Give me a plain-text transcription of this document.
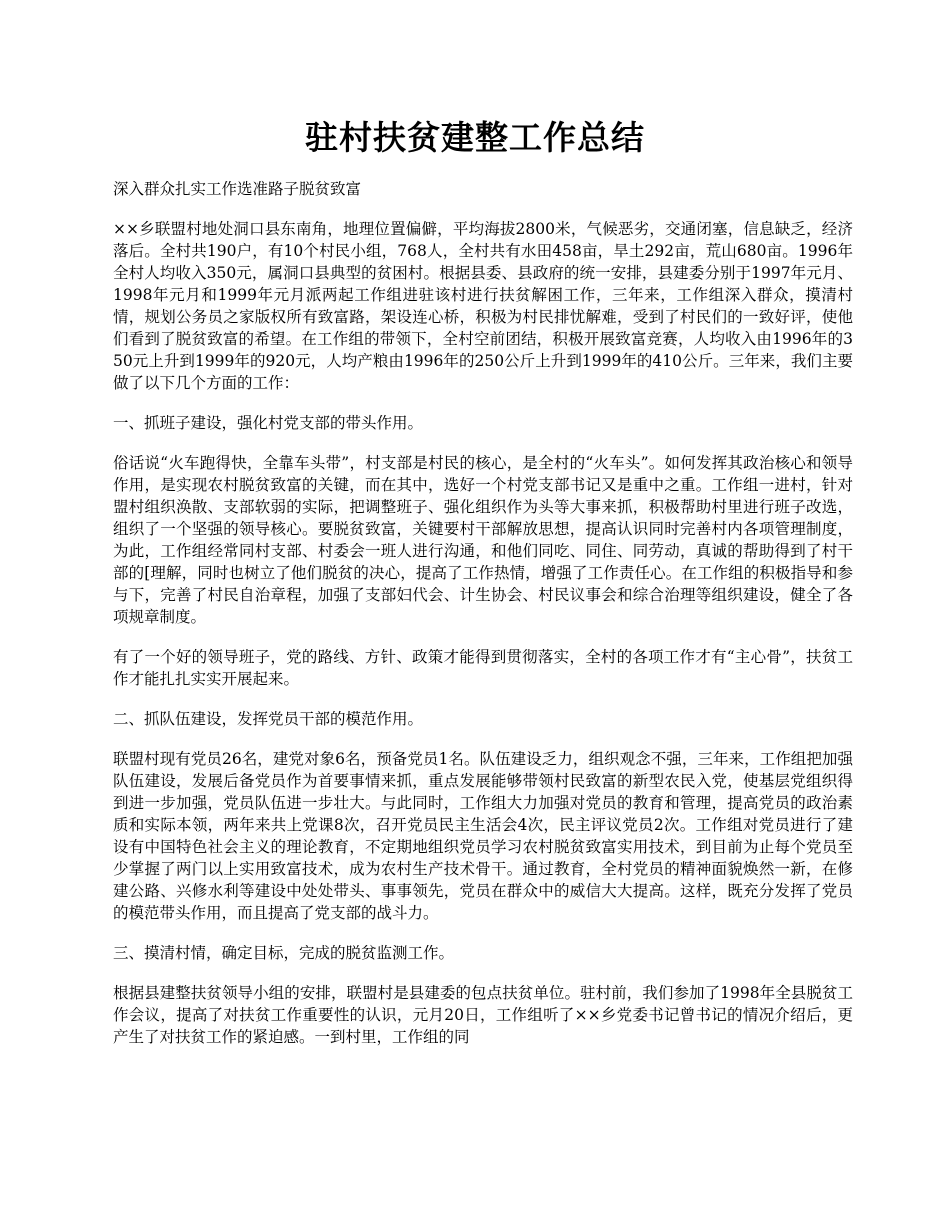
驻村扶贫建整工作总结

深入群众扎实工作选准路子脱贫致富

××乡联盟村地处洞口县东南角，地理位置偏僻，平均海拔2800米，气候恶劣，交通闭塞，信息缺乏，经济落后。全村共190户，有10个村民小组，768人，全村共有水田458亩，旱土292亩，荒山680亩。1996年全村人均收入350元，属洞口县典型的贫困村。根据县委、县政府的统一安排，县建委分别于1997年元月、1998年元月和1999年元月派两起工作组进驻该村进行扶贫解困工作，三年来，工作组深入群众，摸清村情，规划公务员之家版权所有致富路，架设连心桥，积极为村民排忧解难，受到了村民们的一致好评，使他们看到了脱贫致富的希望。在工作组的带领下，全村空前团结，积极开展致富竞赛，人均收入由1996年的350元上升到1999年的920元，人均产粮由1996年的250公斤上升到1999年的410公斤。三年来，我们主要做了以下几个方面的工作：

一、抓班子建设，强化村党支部的带头作用。

俗话说“火车跑得快，全靠车头带”，村支部是村民的核心，是全村的“火车头”。如何发挥其政治核心和领导作用，是实现农村脱贫致富的关键，而在其中，选好一个村党支部书记又是重中之重。工作组一进村，针对盟村组织涣散、支部软弱的实际，把调整班子、强化组织作为头等大事来抓，积极帮助村里进行班子改选，组织了一个坚强的领导核心。要脱贫致富，关键要村干部解放思想，提高认识同时完善村内各项管理制度，为此，工作组经常同村支部、村委会一班人进行沟通，和他们同吃、同住、同劳动，真诚的帮助得到了村干部的[理解，同时也树立了他们脱贫的决心，提高了工作热情，增强了工作责任心。在工作组的积极指导和参与下，完善了村民自治章程，加强了支部妇代会、计生协会、村民议事会和综合治理等组织建设，健全了各项规章制度。

有了一个好的领导班子，党的路线、方针、政策才能得到贯彻落实，全村的各项工作才有“主心骨”，扶贫工作才能扎扎实实开展起来。

二、抓队伍建设，发挥党员干部的模范作用。

联盟村现有党员26名，建党对象6名，预备党员1名。队伍建设乏力，组织观念不强，三年来，工作组把加强队伍建设，发展后备党员作为首要事情来抓，重点发展能够带领村民致富的新型农民入党，使基层党组织得到进一步加强，党员队伍进一步壮大。与此同时，工作组大力加强对党员的教育和管理，提高党员的政治素质和实际本领，两年来共上党课8次，召开党员民主生活会4次，民主评议党员2次。工作组对党员进行了建设有中国特色社会主义的理论教育，不定期地组织党员学习农村脱贫致富实用技术，到目前为止每个党员至少掌握了两门以上实用致富技术，成为农村生产技术骨干。通过教育，全村党员的精神面貌焕然一新，在修建公路、兴修水利等建设中处处带头、事事领先，党员在群众中的威信大大提高。这样，既充分发挥了党员的模范带头作用，而且提高了党支部的战斗力。

三、摸清村情，确定目标，完成的脱贫监测工作。

根据县建整扶贫领导小组的安排，联盟村是县建委的包点扶贫单位。驻村前，我们参加了1998年全县脱贫工作会议，提高了对扶贫工作重要性的认识，元月20日，工作组听了××乡党委书记曾书记的情况介绍后，更产生了对扶贫工作的紧迫感。一到村里，工作组的同
